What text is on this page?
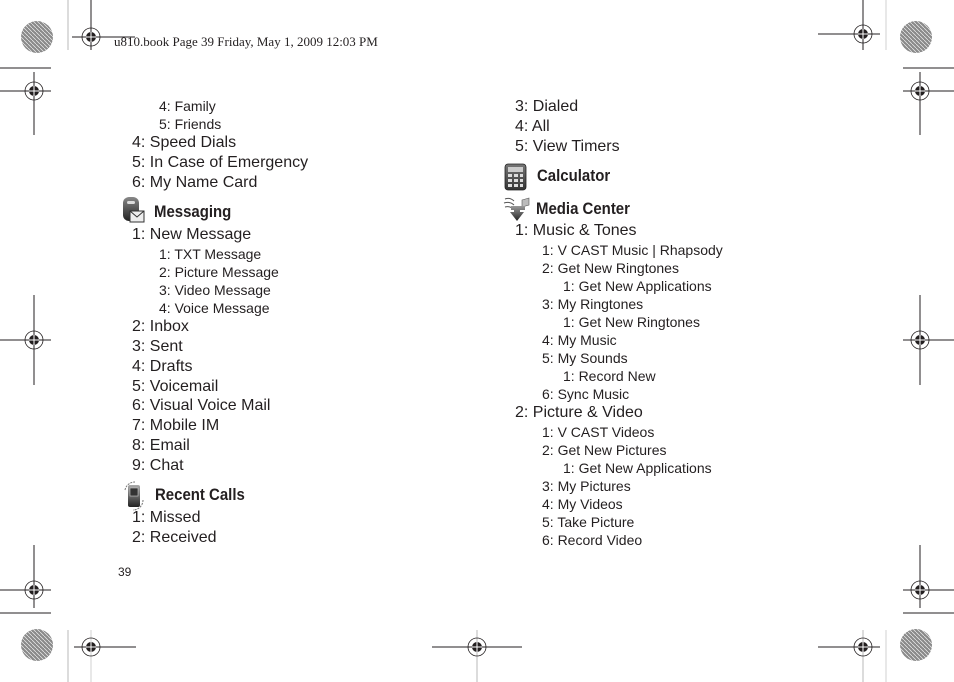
u810.book Page 39 Friday, May 1, 2009 12:03 PM
4: Family
5: Friends
4: Speed Dials
5: In Case of Emergency
6: My Name Card
Messaging
1: New Message
1: TXT Message
2: Picture Message
3: Video Message
4: Voice Message
2: Inbox
3: Sent
4: Drafts
5: Voicemail
6: Visual Voice Mail
7: Mobile IM
8: Email
9: Chat
Recent Calls
1: Missed
2: Received
3: Dialed
4: All
5: View Timers
Calculator
Media Center
1: Music & Tones
1: V CAST Music | Rhapsody
2: Get New Ringtones
1: Get New Applications
3: My Ringtones
1: Get New Ringtones
4: My Music
5: My Sounds
1: Record New
6: Sync Music
2: Picture & Video
1: V CAST Videos
2: Get New Pictures
1: Get New Applications
3: My Pictures
4: My Videos
5: Take Picture
6: Record Video
39
